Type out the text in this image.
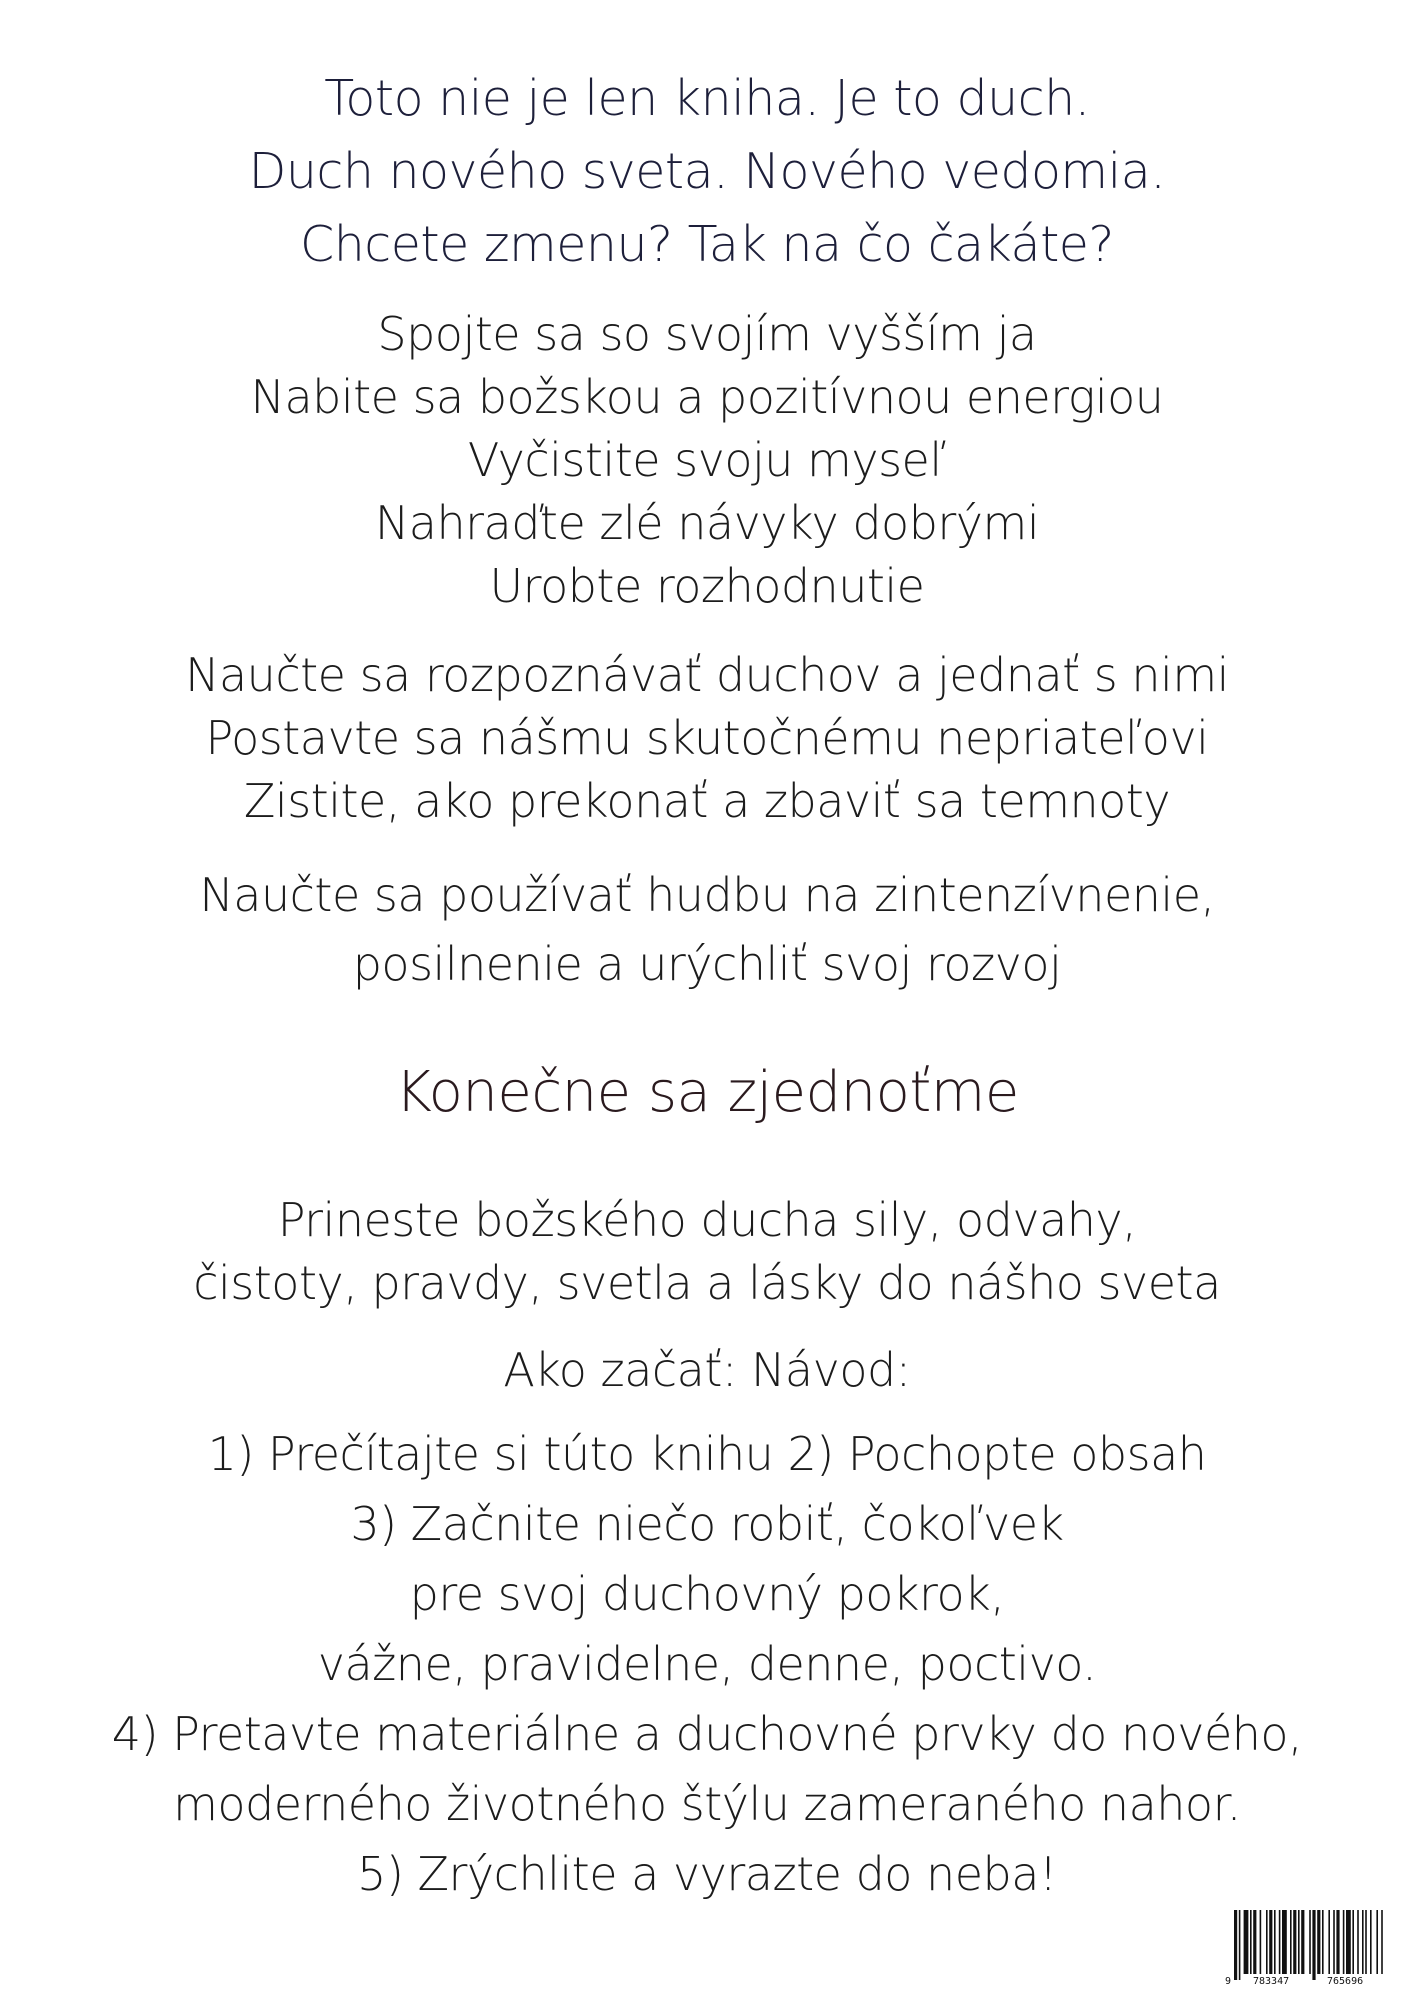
Toto nie je len kniha. Je to duch.
Duch nového sveta. Nového vedomia.
Chcete zmenu? Tak na čo čakáte?
Spojte sa so svojím vyšším ja
Nabite sa božskou a pozitívnou energiou
Vyčistite svoju myseľ
Nahraďte zlé návyky dobrými
Urobte rozhodnutie
Naučte sa rozpoznávať duchov a jednať s nimi
Postavte sa nášmu skutočnému nepriateľovi
Zistite, ako prekonať a zbaviť sa temnoty
Naučte sa používať hudbu na zintenzívnenie,
posilnenie a urýchliť svoj rozvoj
Konečne sa zjednoťme
Prineste božského ducha sily, odvahy,
čistoty, pravdy, svetla a lásky do nášho sveta
Ako začať: Návod:
1) Prečítajte si túto knihu 2) Pochopte obsah
3) Začnite niečo robiť, čokoľvek
pre svoj duchovný pokrok,
vážne, pravidelne, denne, poctivo.
4) Pretavte materiálne a duchovné prvky do nového,
moderného životného štýlu zameraného nahor.
5) Zrýchlite a vyrazte do neba!
9 783347	765696
